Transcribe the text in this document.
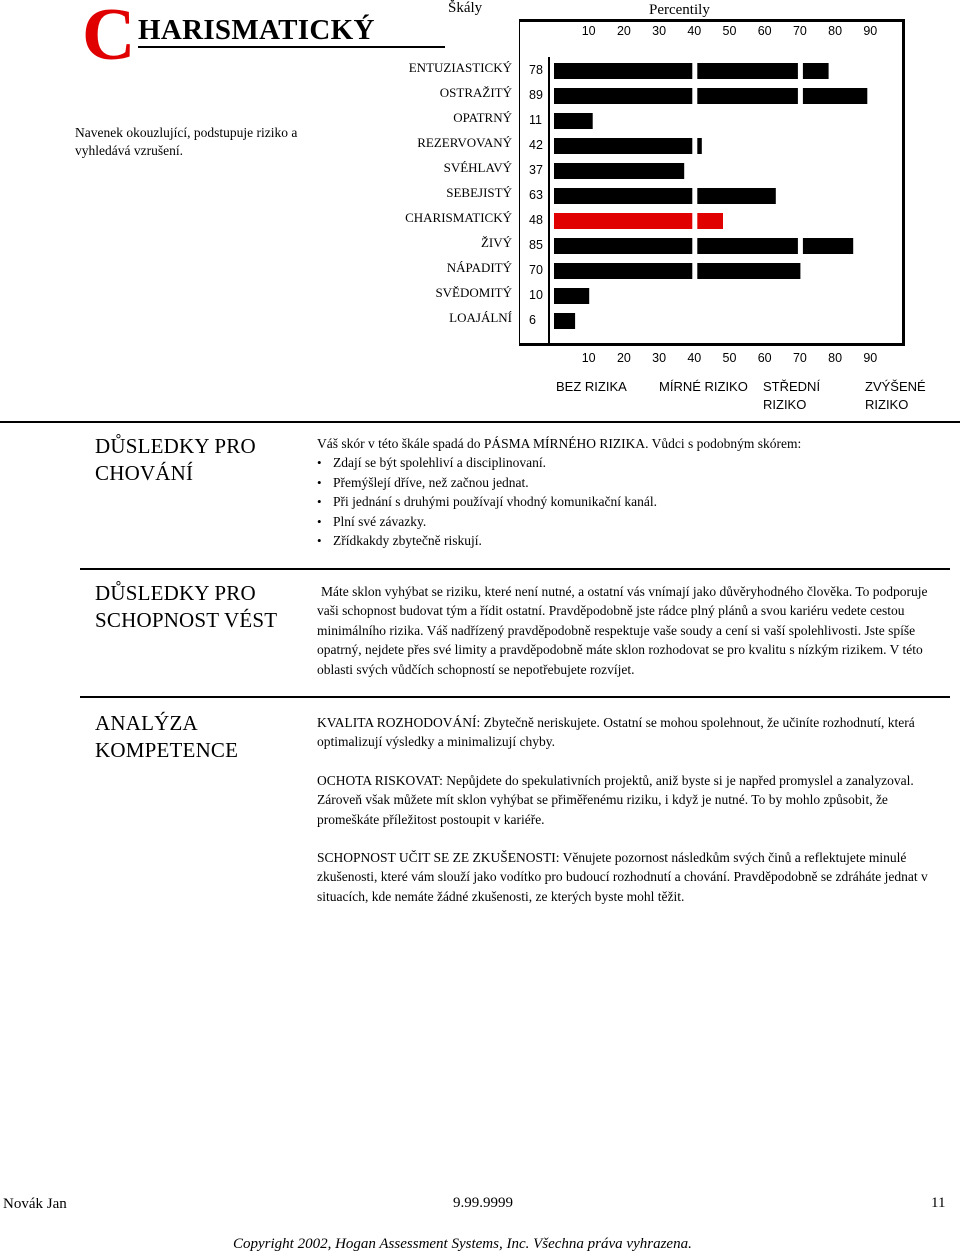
C HARISMATICKÝ
Škály	Percentily
Navenek okouzlující, podstupuje riziko a vyhledává vzrušení.
ENTUZIASTICKÝ 78
OSTRAŽITÝ 89
OPATRNÝ 11
REZERVOVANÝ 42
SVÉHLAVÝ 37
SEBEJISTÝ 63
CHARISMATICKÝ 48
ŽIVÝ 85
NÁPADITÝ 70
SVĚDOMITÝ 10
LOAJÁLNÍ 6
10
10
20
20
30
30
40
40
50
50
60
60
70
70
80
80
90
90
BEZ RIZIKA MÍRNÉ RIZIKO STŘEDNÍ
RIZIKO
ZVÝŠENÉ
RIZIKO
DŮSLEDKY PRO
CHOVÁNÍ
Váš skór v této škále spadá do PÁSMA MÍRNÉHO RIZIKA. Vůdci s podobným skórem:
• Zdají se být spolehliví a disciplinovaní.
• Přemýšlejí dříve, než začnou jednat.
• Při jednání s druhými používají vhodný komunikační kanál.
• Plní své závazky.
• Zřídkakdy zbytečně riskují.
DŮSLEDKY PRO
SCHOPNOST VÉST
Máte sklon vyhýbat se riziku, které není nutné, a ostatní vás vnímají jako důvěryhodného člověka. To podporuje vaši schopnost budovat tým a řídit ostatní. Pravděpodobně jste rádce plný plánů a svou kariéru vedete cestou minimálního rizika. Váš nadřízený pravděpodobně respektuje vaše soudy a cení si vaší spolehlivosti. Jste spíše opatrný, nejdete přes své limity a pravděpodobně máte sklon rozhodovat se pro kvalitu s nízkým rizikem. V této oblasti svých vůdčích schopností se nepotřebujete rozvíjet.
ANALÝZA
KOMPETENCE
KVALITA ROZHODOVÁNÍ: Zbytečně neriskujete. Ostatní se mohou spolehnout, že učiníte rozhodnutí, která optimalizují výsledky a minimalizují chyby.
OCHOTA RISKOVAT: Nepůjdete do spekulativních projektů, aniž byste si je napřed promyslel a zanalyzoval. Zároveň však můžete mít sklon vyhýbat se přiměřenému riziku, i když je nutné. To by mohlo způsobit, že promeškáte příležitost postoupit v kariéře.
SCHOPNOST UČIT SE ZE ZKUŠENOSTI: Věnujete pozornost následkům svých činů a reflektujete minulé zkušenosti, které vám slouží jako vodítko pro budoucí rozhodnutí a chování. Pravděpodobně se zdráháte jednat v situacích, kde nemáte žádné zkušenosti, ze kterých byste mohl těžit.
Novák Jan	9.99.9999	11
Copyright 2002, Hogan Assessment Systems, Inc. Všechna práva vyhrazena.
